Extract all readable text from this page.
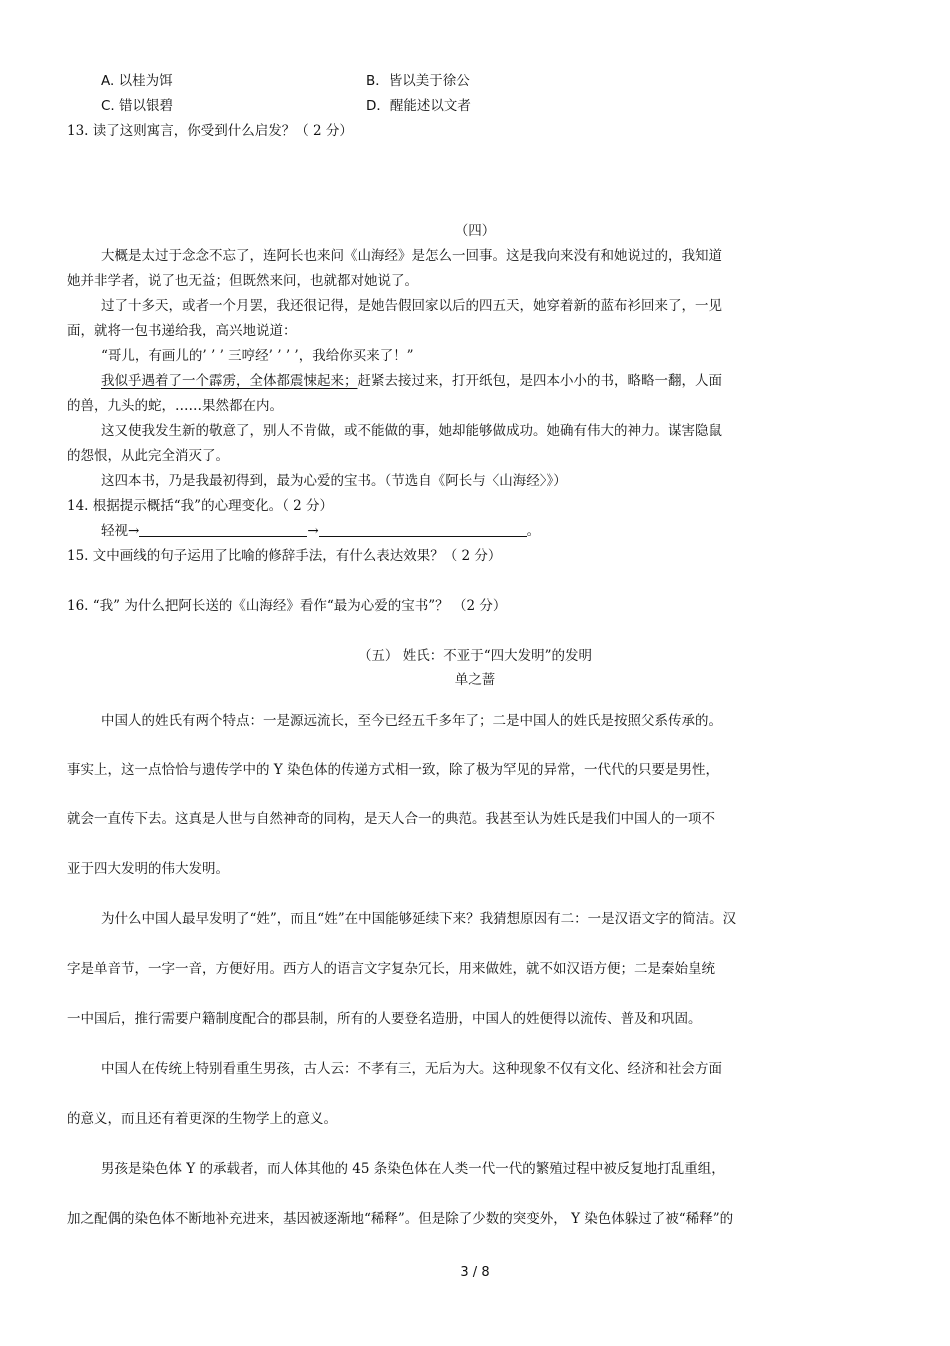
A. 以桂为饵	B．皆以美于徐公
C. 错以银碧	D．醒能述以文者
13. 读了这则寓言，你受到什么启发？（ 2 分）
（四）
大概是太过于念念不忘了，连阿长也来问《山海经》是怎么一回事。这是我向来没有和她说过的，我知道
她并非学者，说了也无益；但既然来问，也就都对她说了。
过了十多天，或者一个月罢，我还很记得，是她告假回家以后的四五天，她穿着新的蓝布衫回来了，一见
面，就将一包书递给我，高兴地说道：
“哥儿，有画儿的’ ’ ’ 三哼经’ ’ ’ ’，我给你买来了！”
我似乎遇着了一个霹雳，全体都震悚起来；赶紧去接过来，打开纸包，是四本小小的书，略略一翻，人面
的兽，九头的蛇，……果然都在内。
这又使我发生新的敬意了，别人不肯做，或不能做的事，她却能够做成功。她确有伟大的神力。谋害隐鼠
的怨恨，从此完全消灭了。
这四本书，乃是我最初得到，最为心爱的宝书。（节选自《阿长与〈山海经〉》）
14. 根据提示概括“我”的心理变化。（ 2 分）
轻视→	→	。
15. 文中画线的句子运用了比喻的修辞手法，有什么表达效果？（ 2 分）
16. “我” 为什么把阿长送的《山海经》看作“最为心爱的宝书”？ （2 分）
（五） 姓氏：不亚于“四大发明”的发明
单之蔷
中国人的姓氏有两个特点：一是源远流长，至今已经五千多年了；二是中国人的姓氏是按照父系传承的。
事实上，这一点恰恰与遗传学中的 Y 染色体的传递方式相一致，除了极为罕见的异常，一代代的只要是男性，
就会一直传下去。这真是人世与自然神奇的同构，是天人合一的典范。我甚至认为姓氏是我们中国人的一项不
亚于四大发明的伟大发明。
为什么中国人最早发明了“姓”，而且“姓”在中国能够延续下来？我猜想原因有二：一是汉语文字的简洁。汉
字是单音节，一字一音，方便好用。西方人的语言文字复杂冗长，用来做姓，就不如汉语方便；二是秦始皇统
一中国后，推行需要户籍制度配合的郡县制，所有的人要登名造册，中国人的姓便得以流传、普及和巩固。
中国人在传统上特别看重生男孩，古人云：不孝有三，无后为大。这种现象不仅有文化、经济和社会方面
的意义，而且还有着更深的生物学上的意义。
男孩是染色体 Y 的承载者，而人体其他的 45 条染色体在人类一代一代的繁殖过程中被反复地打乱重组，
加之配偶的染色体不断地补充进来，基因被逐渐地“稀释”。但是除了少数的突变外， Y 染色体躲过了被“稀释”的
3 / 8
